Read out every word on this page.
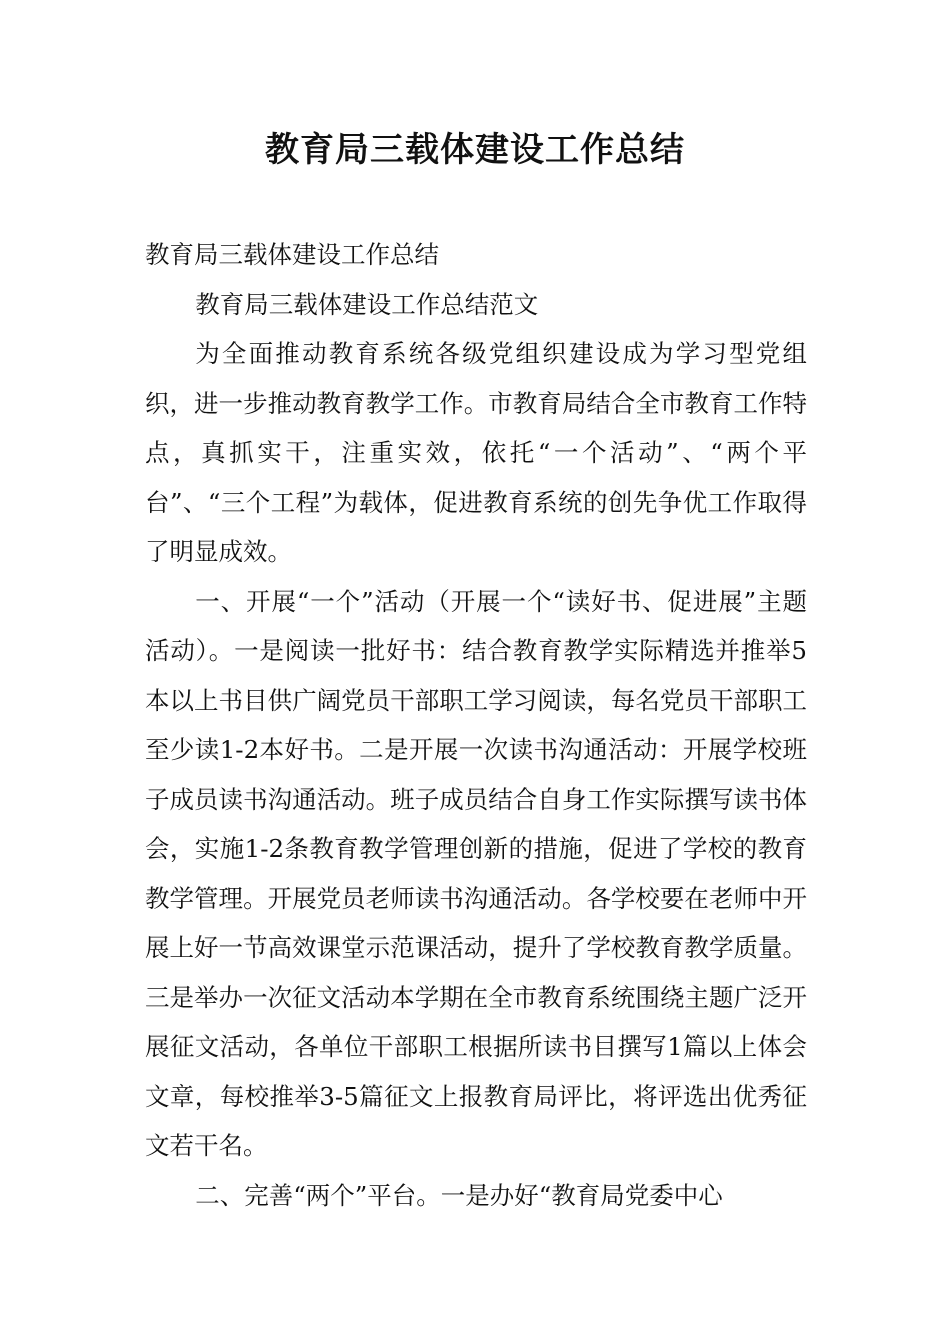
教育局三载体建设工作总结

教育局三载体建设工作总结

教育局三载体建设工作总结范文

为全面推动教育系统各级党组织建设成为学习型党组织，进一步推动教育教学工作。市教育局结合全市教育工作特点，真抓实干，注重实效，依托“一个活动”、“两个平台”、“三个工程”为载体，促进教育系统的创先争优工作取得了明显成效。

一、开展“一个”活动（开展一个“读好书、促进展”主题活动）。一是阅读一批好书：结合教育教学实际精选并推举5本以上书目供广阔党员干部职工学习阅读，每名党员干部职工至少读1-2本好书。二是开展一次读书沟通活动：开展学校班子成员读书沟通活动。班子成员结合自身工作实际撰写读书体会，实施1-2条教育教学管理创新的措施，促进了学校的教育教学管理。开展党员老师读书沟通活动。各学校要在老师中开展上好一节高效课堂示范课活动，提升了学校教育教学质量。三是举办一次征文活动本学期在全市教育系统围绕主题广泛开展征文活动，各单位干部职工根据所读书目撰写1篇以上体会文章，每校推举3-5篇征文上报教育局评比，将评选出优秀征文若干名。

二、完善“两个”平台。一是办好“教育局党委中心
